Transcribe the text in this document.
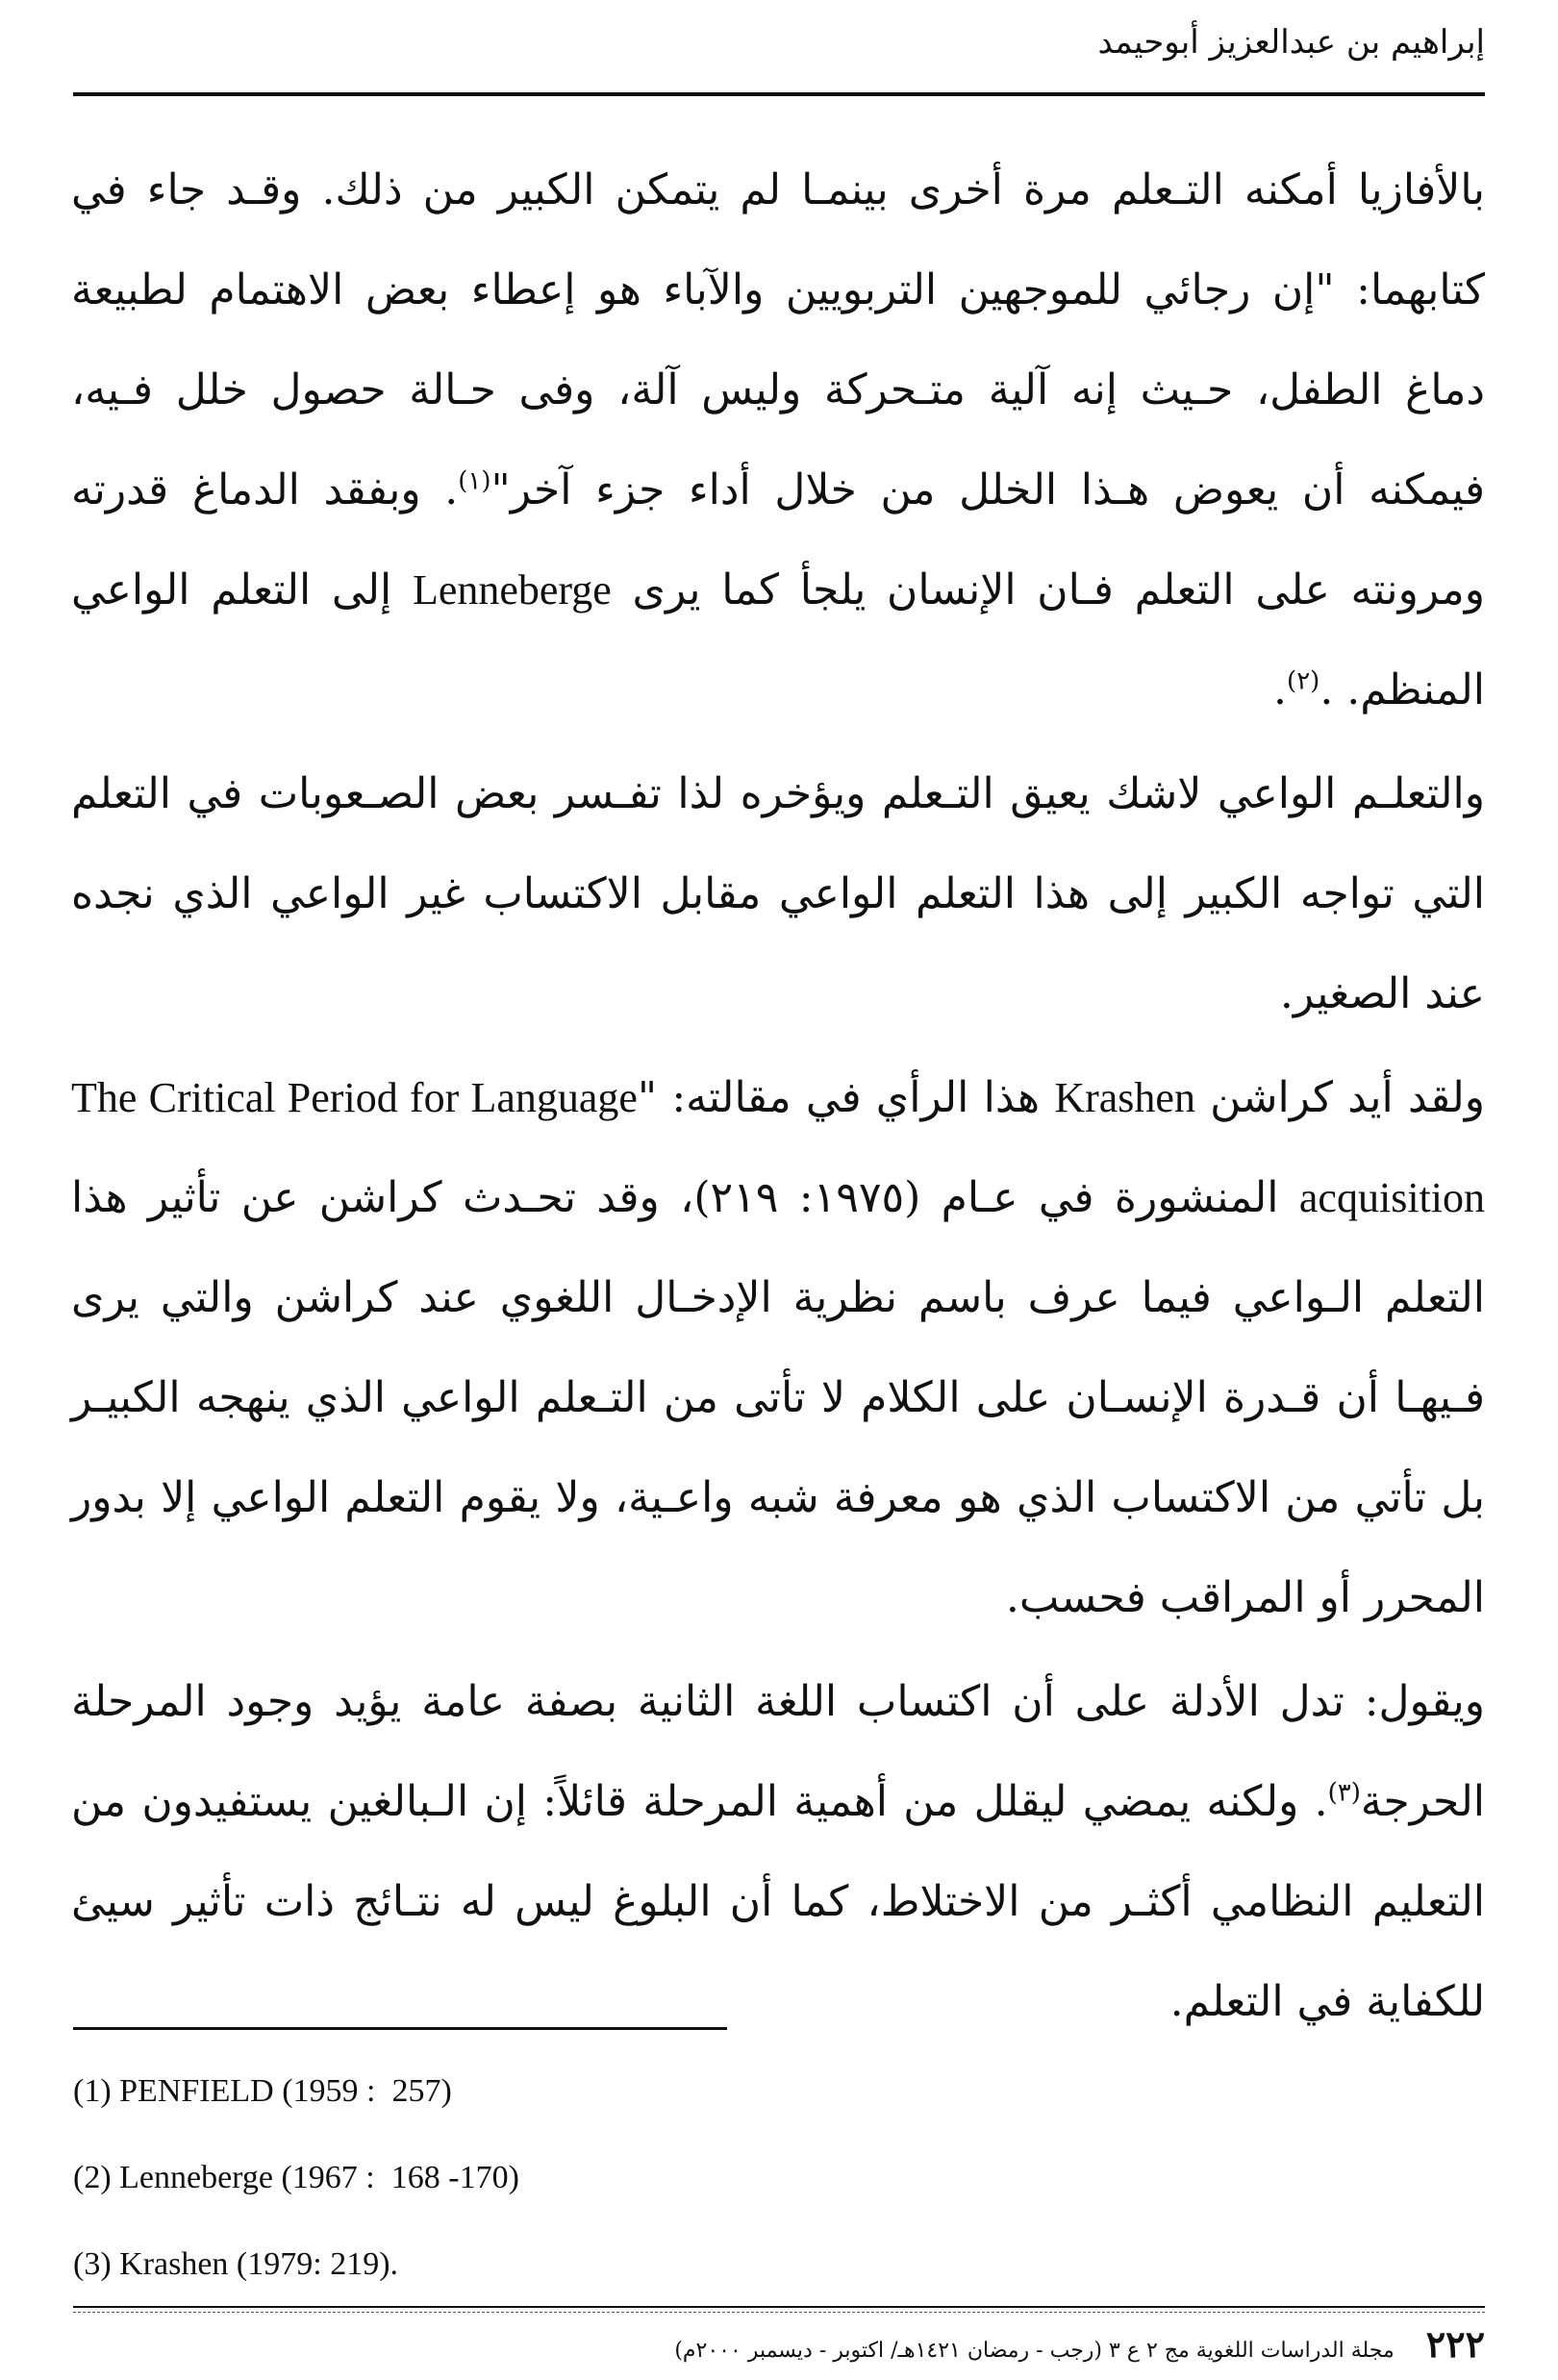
إبراهيم بن عبدالعزيز أبوحيمد

بالأفازيا أمكنه التـعلم مرة أخرى بينمـا لم يتمكن الكبير من ذلك. وقـد جاء في كتابهما: "إن رجائي للموجهين التربويين والآباء هو إعطاء بعض الاهتمام لطبيعة دماغ الطفل، حـيث إنه آلية متـحركة وليس آلة، وفى حـالة حصول خلل فـيه، فيمكنه أن يعوض هـذا الخلل من خلال أداء جزء آخر"$^{(١)}$. وبفقد الدماغ قدرته ومرونته على التعلم فـان الإنسان يلجأ كما يرى Lenneberge إلى التعلم الواعي المنظم. .$^{(٢)}$.

والتعلـم الواعي لاشك يعيق التـعلم ويؤخره لذا تفـسر بعض الصـعوبات في التعلم التي تواجه الكبير إلى هذا التعلم الواعي مقابل الاكتساب غير الواعي الذي نجده عند الصغير.

ولقد أيد كراشن Krashen هذا الرأي في مقالته: "The Critical Period for Language acquisition المنشورة في عـام (١٩٧٥: ٢١٩)، وقد تحـدث كراشن عن تأثير هذا التعلم الـواعي فيما عرف باسم نظرية الإدخـال اللغوي عند كراشن والتي يرى فـيهـا أن قـدرة الإنسـان على الكلام لا تأتى من التـعلم الواعي الذي ينهجه الكبيـر بل تأتي من الاكتساب الذي هو معرفة شبه واعـية، ولا يقوم التعلم الواعي إلا بدور المحرر أو المراقب فحسب.

ويقول: تدل الأدلة على أن اكتساب اللغة الثانية بصفة عامة يؤيد وجود المرحلة الحرجة$^{(٣)}$. ولكنه يمضي ليقلل من أهمية المرحلة قائلاً: إن الـبالغين يستفيدون من التعليم النظامي أكثـر من الاختلاط، كما أن البلوغ ليس له نتـائج ذات تأثير سيئ للكفاية في التعلم.

(1) PENFIELD (1959 :  257)
(2) Lenneberge (1967 :  168 -170)
(3) Krashen (1979: 219).
٢٢٢ مجلة الدراسات اللغوية مج ٢ ع ٣ (رجب - رمضان ١٤٢١هـ/ اكتوبر - ديسمبر ٢٠٠٠م)
